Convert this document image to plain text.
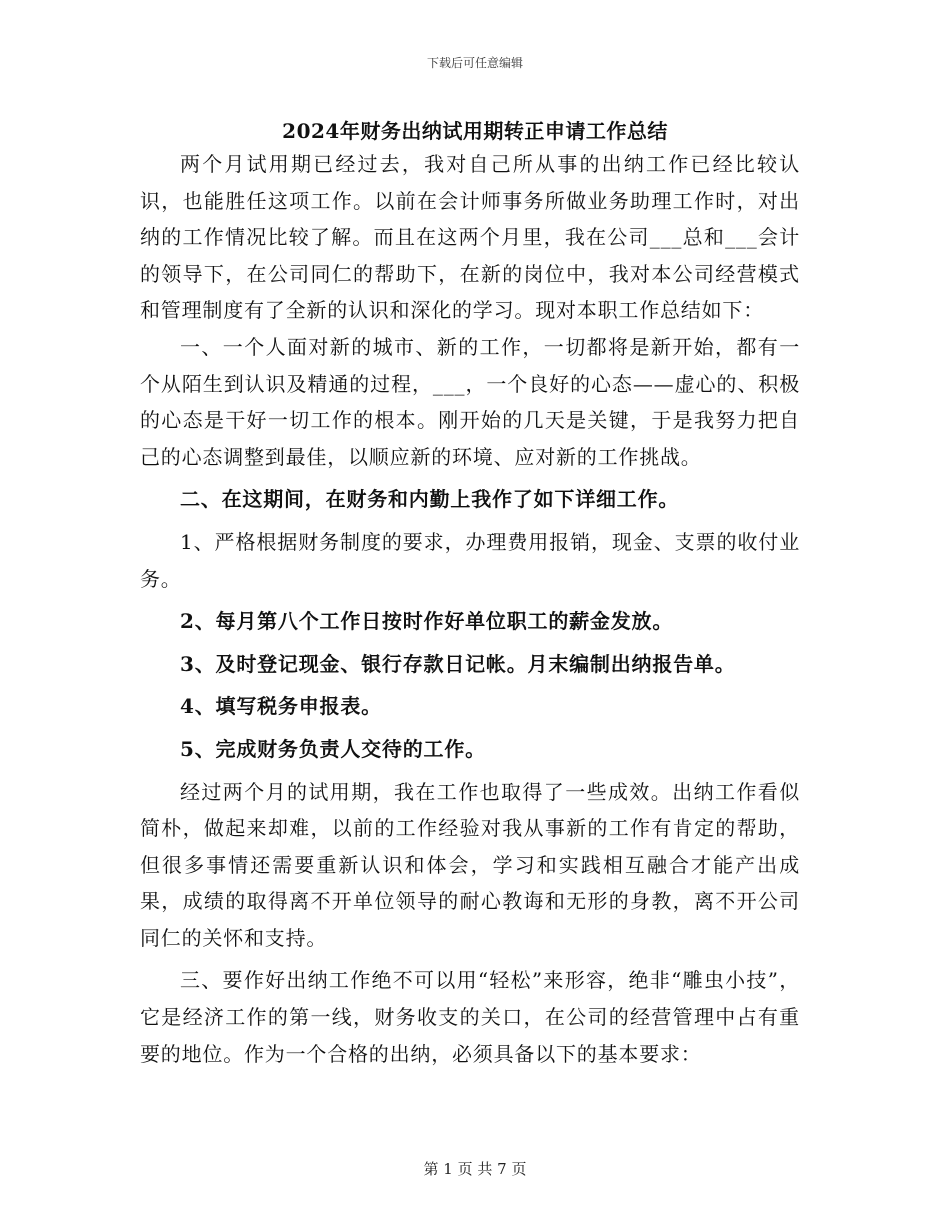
下载后可任意编辑
2024年财务出纳试用期转正申请工作总结

两个月试用期已经过去，我对自己所从事的出纳工作已经比较认识，也能胜任这项工作。以前在会计师事务所做业务助理工作时，对出纳的工作情况比较了解。而且在这两个月里，我在公司___总和___会计的领导下，在公司同仁的帮助下，在新的岗位中，我对本公司经营模式和管理制度有了全新的认识和深化的学习。现对本职工作总结如下：

一、一个人面对新的城市、新的工作，一切都将是新开始，都有一个从陌生到认识及精通的过程，___，一个良好的心态——虚心的、积极的心态是干好一切工作的根本。刚开始的几天是关键，于是我努力把自己的心态调整到最佳，以顺应新的环境、应对新的工作挑战。

二、在这期间，在财务和内勤上我作了如下详细工作。

1、严格根据财务制度的要求，办理费用报销，现金、支票的收付业务。

2、每月第八个工作日按时作好单位职工的薪金发放。

3、及时登记现金、银行存款日记帐。月末编制出纳报告单。

4、填写税务申报表。

5、完成财务负责人交待的工作。

经过两个月的试用期，我在工作也取得了一些成效。出纳工作看似简朴，做起来却难，以前的工作经验对我从事新的工作有肯定的帮助，但很多事情还需要重新认识和体会，学习和实践相互融合才能产出成果，成绩的取得离不开单位领导的耐心教诲和无形的身教，离不开公司同仁的关怀和支持。

三、要作好出纳工作绝不可以用“轻松”来形容，绝非“雕虫小技”，它是经济工作的第一线，财务收支的关口，在公司的经营管理中占有重要的地位。作为一个合格的出纳，必须具备以下的基本要求：

第 1 页 共 7 页
